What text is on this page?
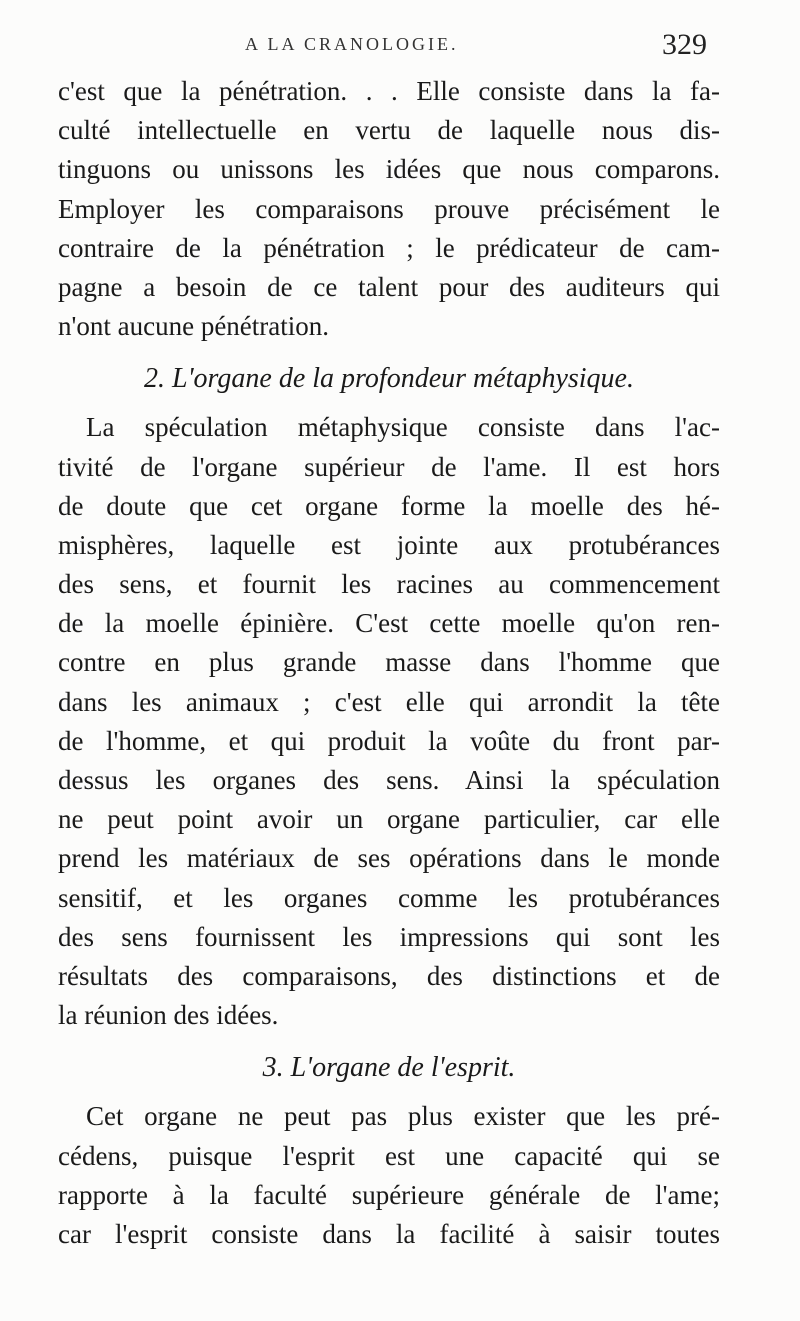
A LA CRANOLOGIE.	329
c'est que la pénétration. . . Elle consiste dans la fa-
culté intellectuelle en vertu de laquelle nous dis-
tinguons ou unissons les idées que nous comparons.
Employer les comparaisons prouve précisément le
contraire de la pénétration ; le prédicateur de cam-
pagne a besoin de ce talent pour des auditeurs qui
n'ont aucune pénétration.
2. L'organe de la profondeur métaphysique.
La spéculation métaphysique consiste dans l'ac-
tivité de l'organe supérieur de l'ame. Il est hors
de doute que cet organe forme la moelle des hé-
misphères, laquelle est jointe aux protubérances
des sens, et fournit les racines au commencement
de la moelle épinière. C'est cette moelle qu'on ren-
contre en plus grande masse dans l'homme que
dans les animaux ; c'est elle qui arrondit la tête
de l'homme, et qui produit la voûte du front par-
dessus les organes des sens. Ainsi la spéculation
ne peut point avoir un organe particulier, car elle
prend les matériaux de ses opérations dans le monde
sensitif, et les organes comme les protubérances
des sens fournissent les impressions qui sont les
résultats des comparaisons, des distinctions et de
la réunion des idées.
3. L'organe de l'esprit.
Cet organe ne peut pas plus exister que les pré-
cédens, puisque l'esprit est une capacité qui se
rapporte à la faculté supérieure générale de l'ame;
car l'esprit consiste dans la facilité à saisir toutes
